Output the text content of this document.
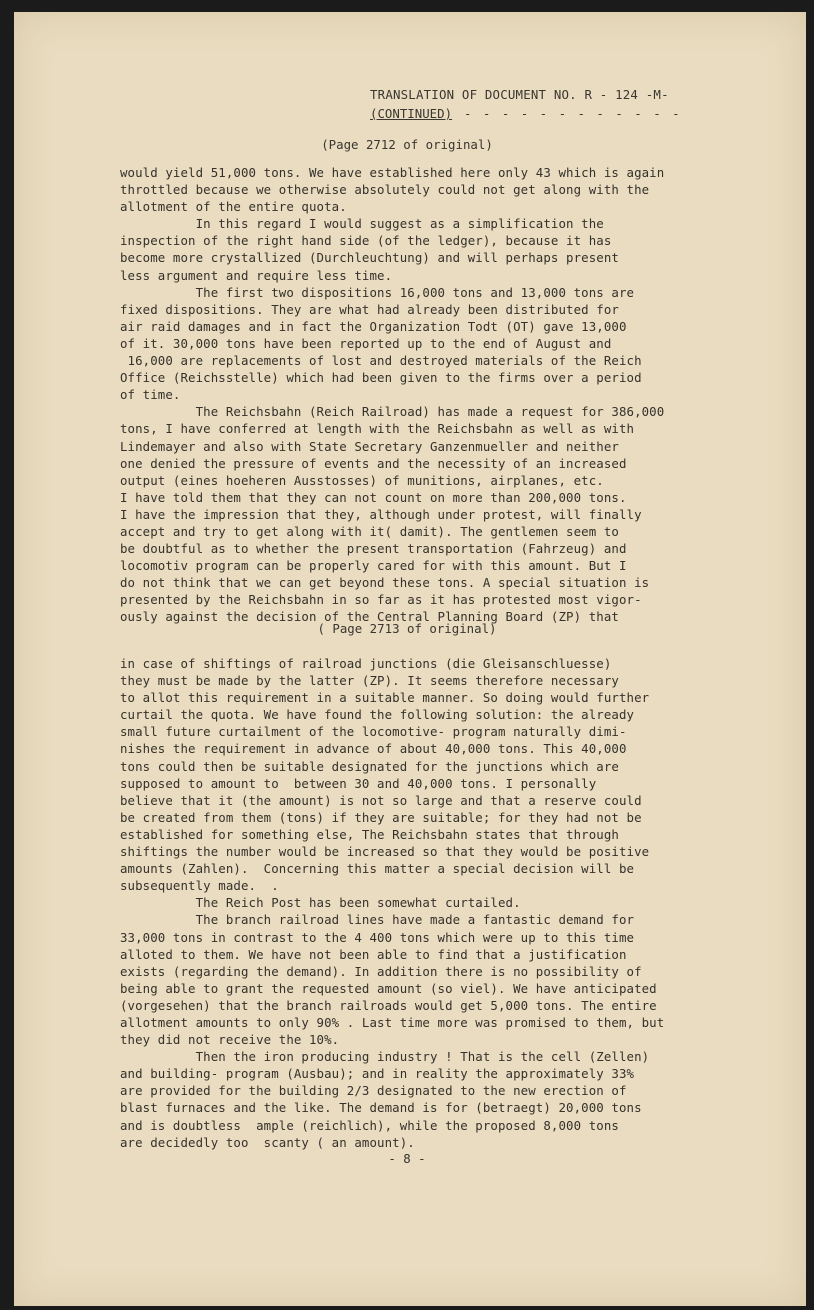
TRANSLATION OF DOCUMENT NO. R - 124 -M-
(CONTINUED) - - - - - - - - - - - -
(Page 2712 of original)
would yield 51,000 tons. We have established here only 43 which is again
throttled because we otherwise absolutely could not get along with the
allotment of the entire quota.
In this regard I would suggest as a simplification the
inspection of the right hand side (of the ledger), because it has
become more crystallized (Durchleuchtung) and will perhaps present
less argument and require less time.
The first two dispositions 16,000 tons and 13,000 tons are
fixed dispositions. They are what had already been distributed for
air raid damages and in fact the Organization Todt (OT) gave 13,000
of it. 30,000 tons have been reported up to the end of August and
16,000 are replacements of lost and destroyed materials of the Reich
Office (Reichsstelle) which had been given to the firms over a period
of time.
The Reichsbahn (Reich Railroad) has made a request for 386,000
tons, I have conferred at length with the Reichsbahn as well as with
Lindemayer and also with State Secretary Ganzenmueller and neither
one denied the pressure of events and the necessity of an increased
output (eines hoeheren Ausstosses) of munitions, airplanes, etc.
I have told them that they can not count on more than 200,000 tons.
I have the impression that they, although under protest, will finally
accept and try to get along with it( damit). The gentlemen seem to
be doubtful as to whether the present transportation (Fahrzeug) and
locomotiv program can be properly cared for with this amount. But I
do not think that we can get beyond these tons. A special situation is
presented by the Reichsbahn in so far as it has protested most vigor-
ously against the decision of the Central Planning Board (ZP) that
( Page 2713 of original)
in case of shiftings of railroad junctions (die Gleisanschluesse)
they must be made by the latter (ZP). It seems therefore necessary
to allot this requirement in a suitable manner. So doing would further
curtail the quota. We have found the following solution: the already
small future curtailment of the locomotive- program naturally dimi-
nishes the requirement in advance of about 40,000 tons. This 40,000
tons could then be suitable designated for the junctions which are
supposed to amount to  between 30 and 40,000 tons. I personally
believe that it (the amount) is not so large and that a reserve could
be created from them (tons) if they are suitable; for they had not be
established for something else, The Reichsbahn states that through
shiftings the number would be increased so that they would be positive
amounts (Zahlen).  Concerning this matter a special decision will be
subsequently made.  .
The Reich Post has been somewhat curtailed.
The branch railroad lines have made a fantastic demand for
33,000 tons in contrast to the 4 400 tons which were up to this time
alloted to them. We have not been able to find that a justification
exists (regarding the demand). In addition there is no possibility of
being able to grant the requested amount (so viel). We have anticipated
(vorgesehen) that the branch railroads would get 5,000 tons. The entire
allotment amounts to only 90% . Last time more was promised to them, but
they did not receive the 10%.
Then the iron producing industry ! That is the cell (Zellen)
and building- program (Ausbau); and in reality the approximately 33%
are provided for the building 2/3 designated to the new erection of
blast furnaces and the like. The demand is for (betraegt) 20,000 tons
and is doubtless  ample (reichlich), while the proposed 8,000 tons
are decidedly too  scanty ( an amount).
- 8 -
